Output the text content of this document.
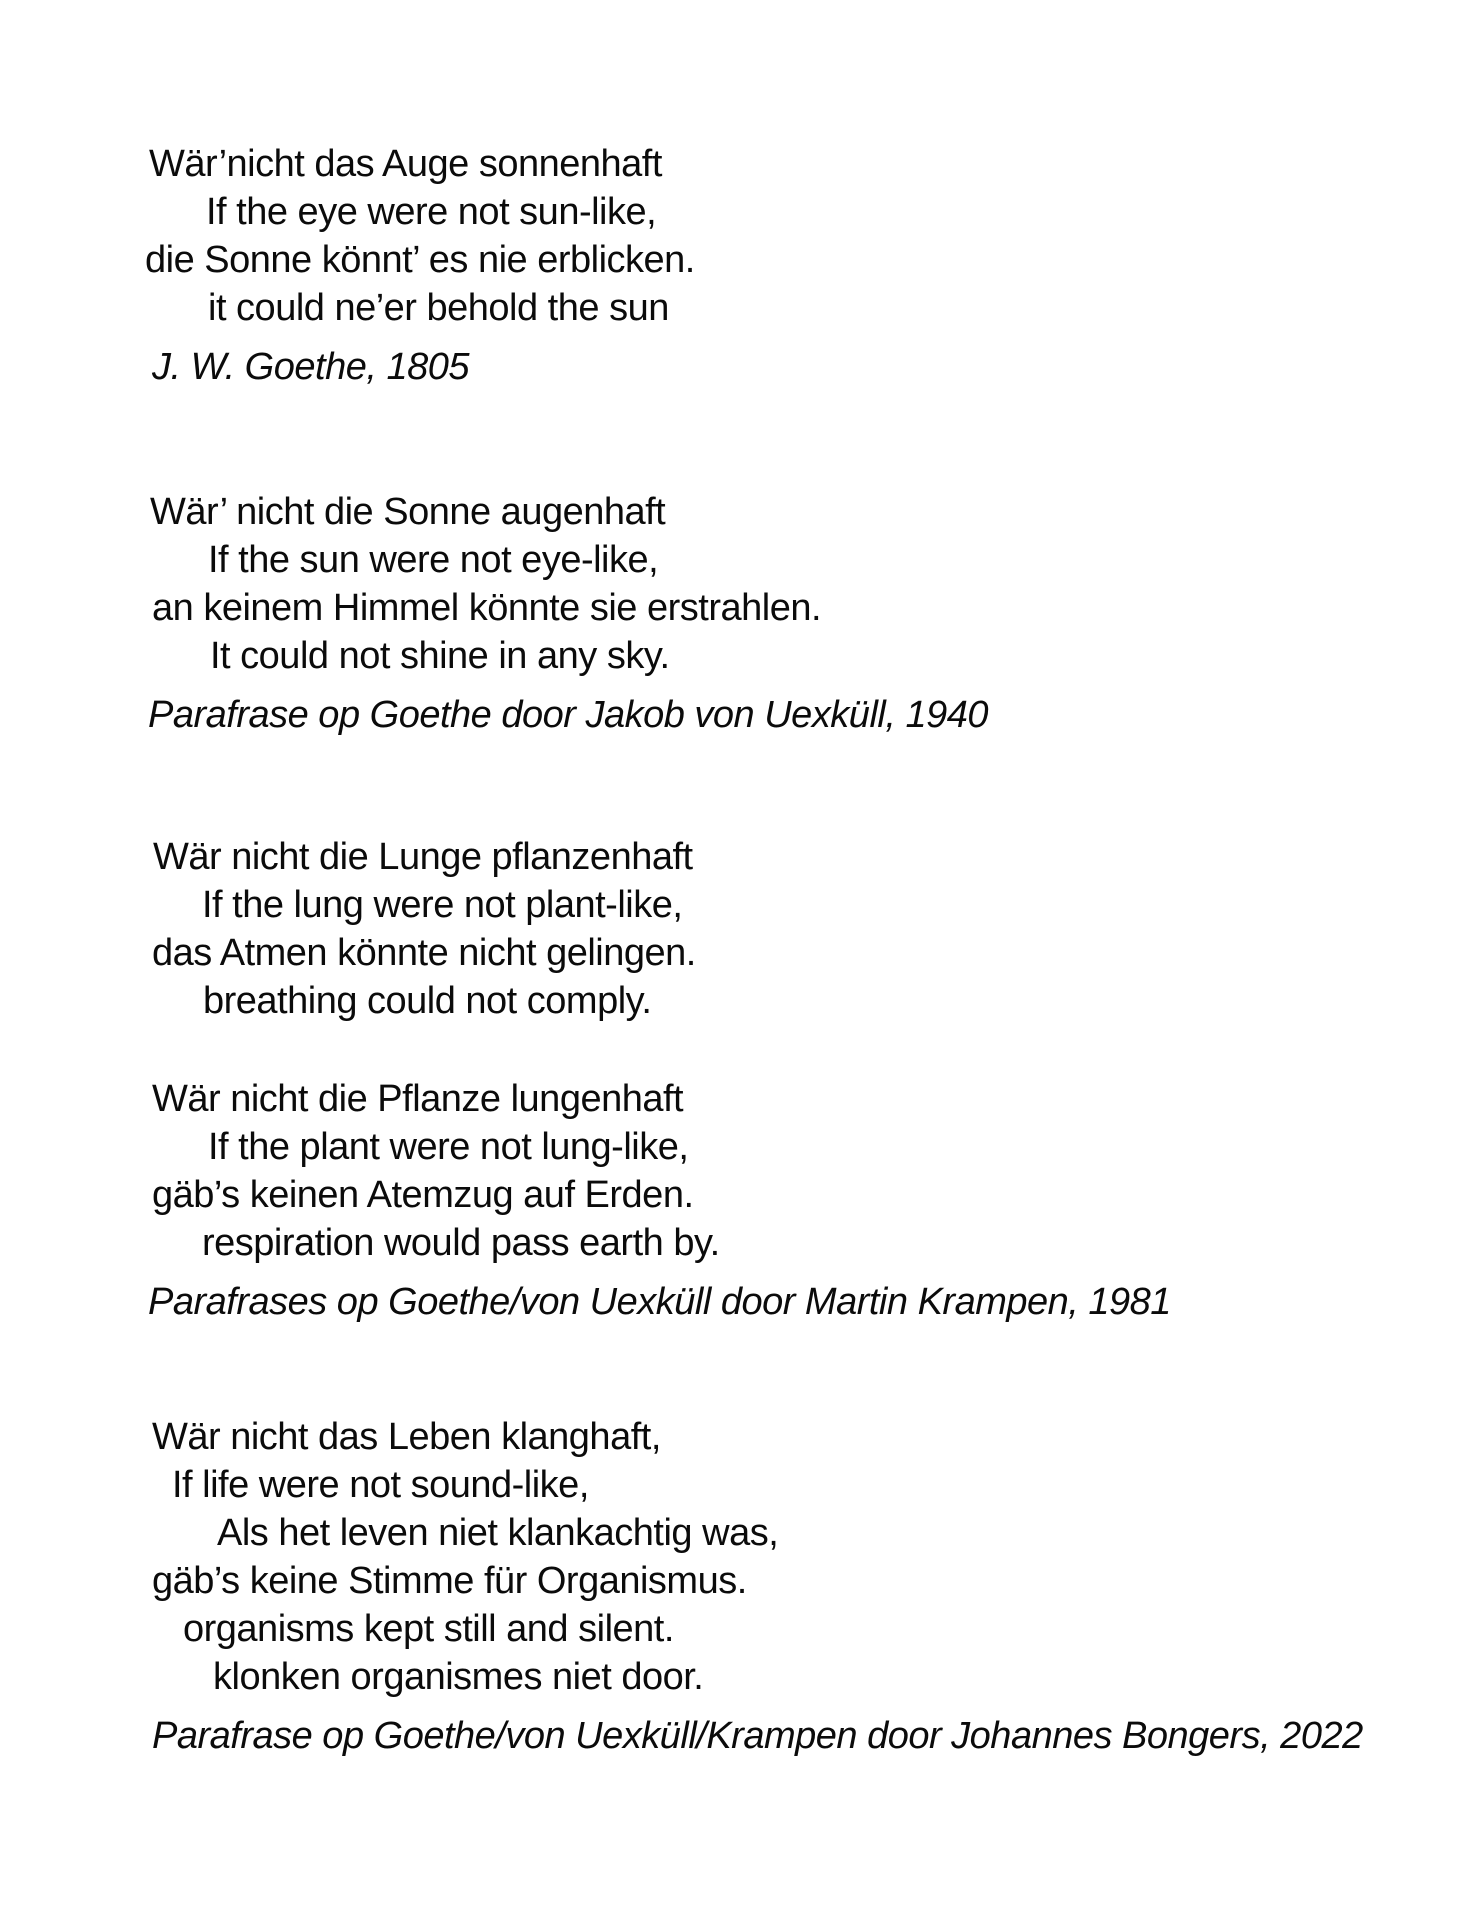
Wär’nicht das Auge sonnenhaft
If the eye were not sun-like,
die Sonne könnt’ es nie erblicken.
it could ne’er behold the sun
J. W. Goethe, 1805
Wär’ nicht die Sonne augenhaft
If the sun were not eye-like,
an keinem Himmel könnte sie erstrahlen.
It could not shine in any sky.
Parafrase op Goethe door Jakob von Uexküll, 1940
Wär nicht die Lunge pflanzenhaft
If the lung were not plant-like,
das Atmen könnte nicht gelingen.
breathing could not comply.
Wär nicht die Pflanze lungenhaft
If the plant were not lung-like,
gäb’s keinen Atemzug auf Erden.
respiration would pass earth by.
Parafrases op Goethe/von Uexküll door Martin Krampen, 1981
Wär nicht das Leben klanghaft,
If life were not sound-like,
Als het leven niet klankachtig was,
gäb’s keine Stimme für Organismus.
organisms kept still and silent.
klonken organismes niet door.
Parafrase op Goethe/von Uexküll/Krampen door Johannes Bongers, 2022
